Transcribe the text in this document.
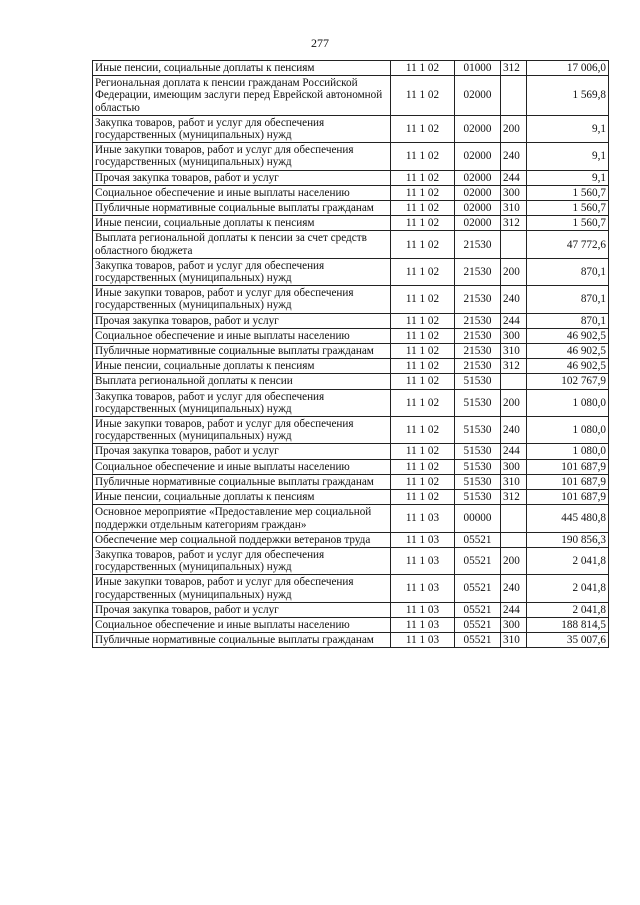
277
Иные пенсии, социальные доплаты к пенсиям	11 1 02	01000	312	17 006,0
Региональная доплата к пенсии гражданам Российской Федерации, имеющим заслуги перед Еврейской автономной областью	11 1 02	02000		1 569,8
Закупка товаров, работ и услуг для обеспечения государственных (муниципальных) нужд	11 1 02	02000	200	9,1
Иные закупки товаров, работ и услуг для обеспечения государственных (муниципальных) нужд	11 1 02	02000	240	9,1
Прочая закупка товаров, работ и услуг	11 1 02	02000	244	9,1
Социальное обеспечение и иные выплаты населению	11 1 02	02000	300	1 560,7
Публичные нормативные социальные выплаты гражданам	11 1 02	02000	310	1 560,7
Иные пенсии, социальные доплаты к пенсиям	11 1 02	02000	312	1 560,7
Выплата региональной доплаты к пенсии за счет средств областного бюджета	11 1 02	21530		47 772,6
Закупка товаров, работ и услуг для обеспечения государственных (муниципальных) нужд	11 1 02	21530	200	870,1
Иные закупки товаров, работ и услуг для обеспечения государственных (муниципальных) нужд	11 1 02	21530	240	870,1
Прочая закупка товаров, работ и услуг	11 1 02	21530	244	870,1
Социальное обеспечение и иные выплаты населению	11 1 02	21530	300	46 902,5
Публичные нормативные социальные выплаты гражданам	11 1 02	21530	310	46 902,5
Иные пенсии, социальные доплаты к пенсиям	11 1 02	21530	312	46 902,5
Выплата региональной доплаты к пенсии	11 1 02	51530		102 767,9
Закупка товаров, работ и услуг для обеспечения государственных (муниципальных) нужд	11 1 02	51530	200	1 080,0
Иные закупки товаров, работ и услуг для обеспечения государственных (муниципальных) нужд	11 1 02	51530	240	1 080,0
Прочая закупка товаров, работ и услуг	11 1 02	51530	244	1 080,0
Социальное обеспечение и иные выплаты населению	11 1 02	51530	300	101 687,9
Публичные нормативные социальные выплаты гражданам	11 1 02	51530	310	101 687,9
Иные пенсии, социальные доплаты к пенсиям	11 1 02	51530	312	101 687,9
Основное мероприятие «Предоставление мер социальной поддержки отдельным категориям граждан»	11 1 03	00000		445 480,8
Обеспечение мер социальной поддержки ветеранов труда	11 1 03	05521		190 856,3
Закупка товаров, работ и услуг для обеспечения государственных (муниципальных) нужд	11 1 03	05521	200	2 041,8
Иные закупки товаров, работ и услуг для обеспечения государственных (муниципальных) нужд	11 1 03	05521	240	2 041,8
Прочая закупка товаров, работ и услуг	11 1 03	05521	244	2 041,8
Социальное обеспечение и иные выплаты населению	11 1 03	05521	300	188 814,5
Публичные нормативные социальные выплаты гражданам	11 1 03	05521	310	35 007,6
